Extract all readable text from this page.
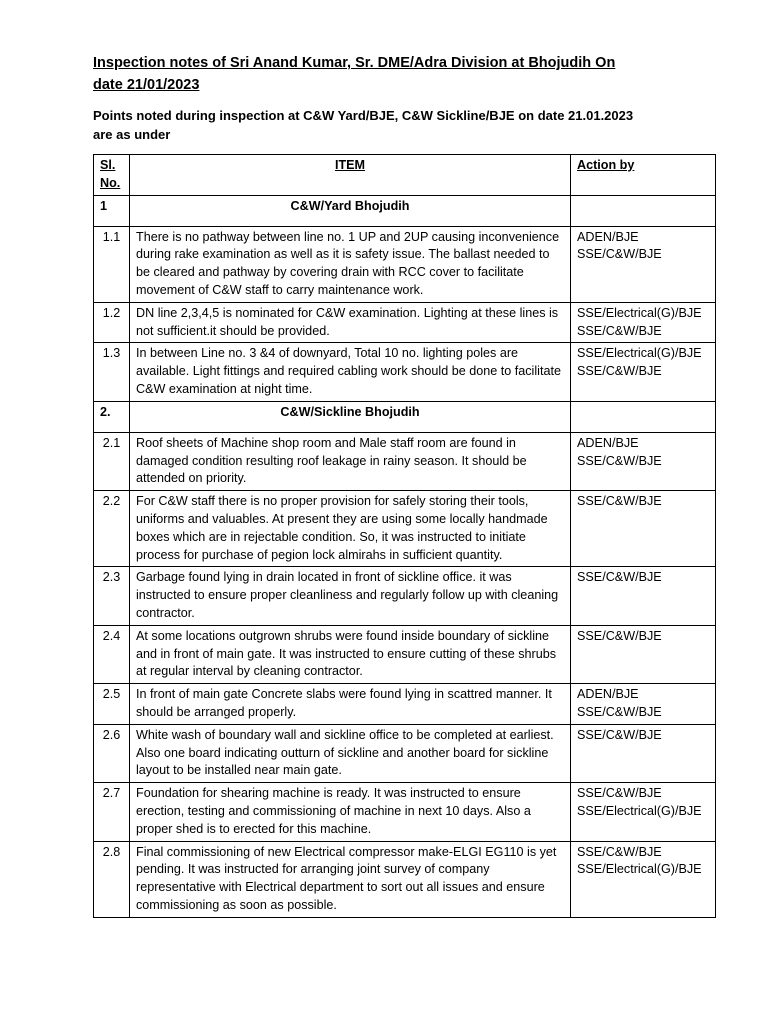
Inspection notes of Sri Anand Kumar, Sr. DME/Adra Division at Bhojudih On
date 21/01/2023
Points noted during inspection at C&W Yard/BJE, C&W Sickline/BJE on date 21.01.2023
are as under
Sl. No.	ITEM	Action by
1	C&W/Yard Bhojudih	
1.1	There is no pathway between line no. 1 UP and 2UP causing inconvenience during rake examination as well as it is safety issue. The ballast needed to be cleared and pathway by covering drain with RCC cover to facilitate movement of C&W staff to carry maintenance work.	ADEN/BJE
SSE/C&W/BJE

1.2	DN line 2,3,4,5 is nominated for C&W examination. Lighting at these lines is not sufficient.it should be provided.	SSE/Electrical(G)/BJE
SSE/C&W/BJE

1.3	In between Line no. 3 &4 of downyard, Total 10 no. lighting poles are available. Light fittings and required cabling work should be done to facilitate C&W examination at night time.	SSE/Electrical(G)/BJE
SSE/C&W/BJE

2.	C&W/Sickline Bhojudih	
2.1	Roof sheets of Machine shop room and Male staff room are found in damaged condition resulting roof leakage in rainy season. It should be attended on priority.	ADEN/BJE
SSE/C&W/BJE

2.2	For C&W staff there is no proper provision for safely storing their tools, uniforms and valuables. At present they are using some locally handmade boxes which are in rejectable condition. So, it was instructed to initiate process for purchase of pegion lock almirahs in sufficient quantity.	SSE/C&W/BJE

2.3	Garbage found lying in drain located in front of sickline office. it was instructed to ensure proper cleanliness and regularly follow up with cleaning contractor.	SSE/C&W/BJE

2.4	At some locations outgrown shrubs were found inside boundary of sickline and in front of main gate. It was instructed to ensure cutting of these shrubs at regular interval by cleaning contractor.	SSE/C&W/BJE

2.5	In front of main gate Concrete slabs were found lying in scattred manner. It should be arranged properly.	ADEN/BJE
SSE/C&W/BJE

2.6	White wash of boundary wall and sickline office to be completed at earliest. Also one board indicating outturn of sickline and another board for sickline layout to be installed near main gate.	SSE/C&W/BJE

2.7	Foundation for shearing machine is ready. It was instructed to ensure erection, testing and commissioning of machine in next 10 days. Also a proper shed is to erected for this machine.	SSE/C&W/BJE
SSE/Electrical(G)/BJE

2.8	Final commissioning of new Electrical compressor make-ELGI EG110 is yet pending. It was instructed for arranging joint survey of company representative with Electrical department to sort out all issues and ensure commissioning as soon as possible.	SSE/C&W/BJE
SSE/Electrical(G)/BJE
